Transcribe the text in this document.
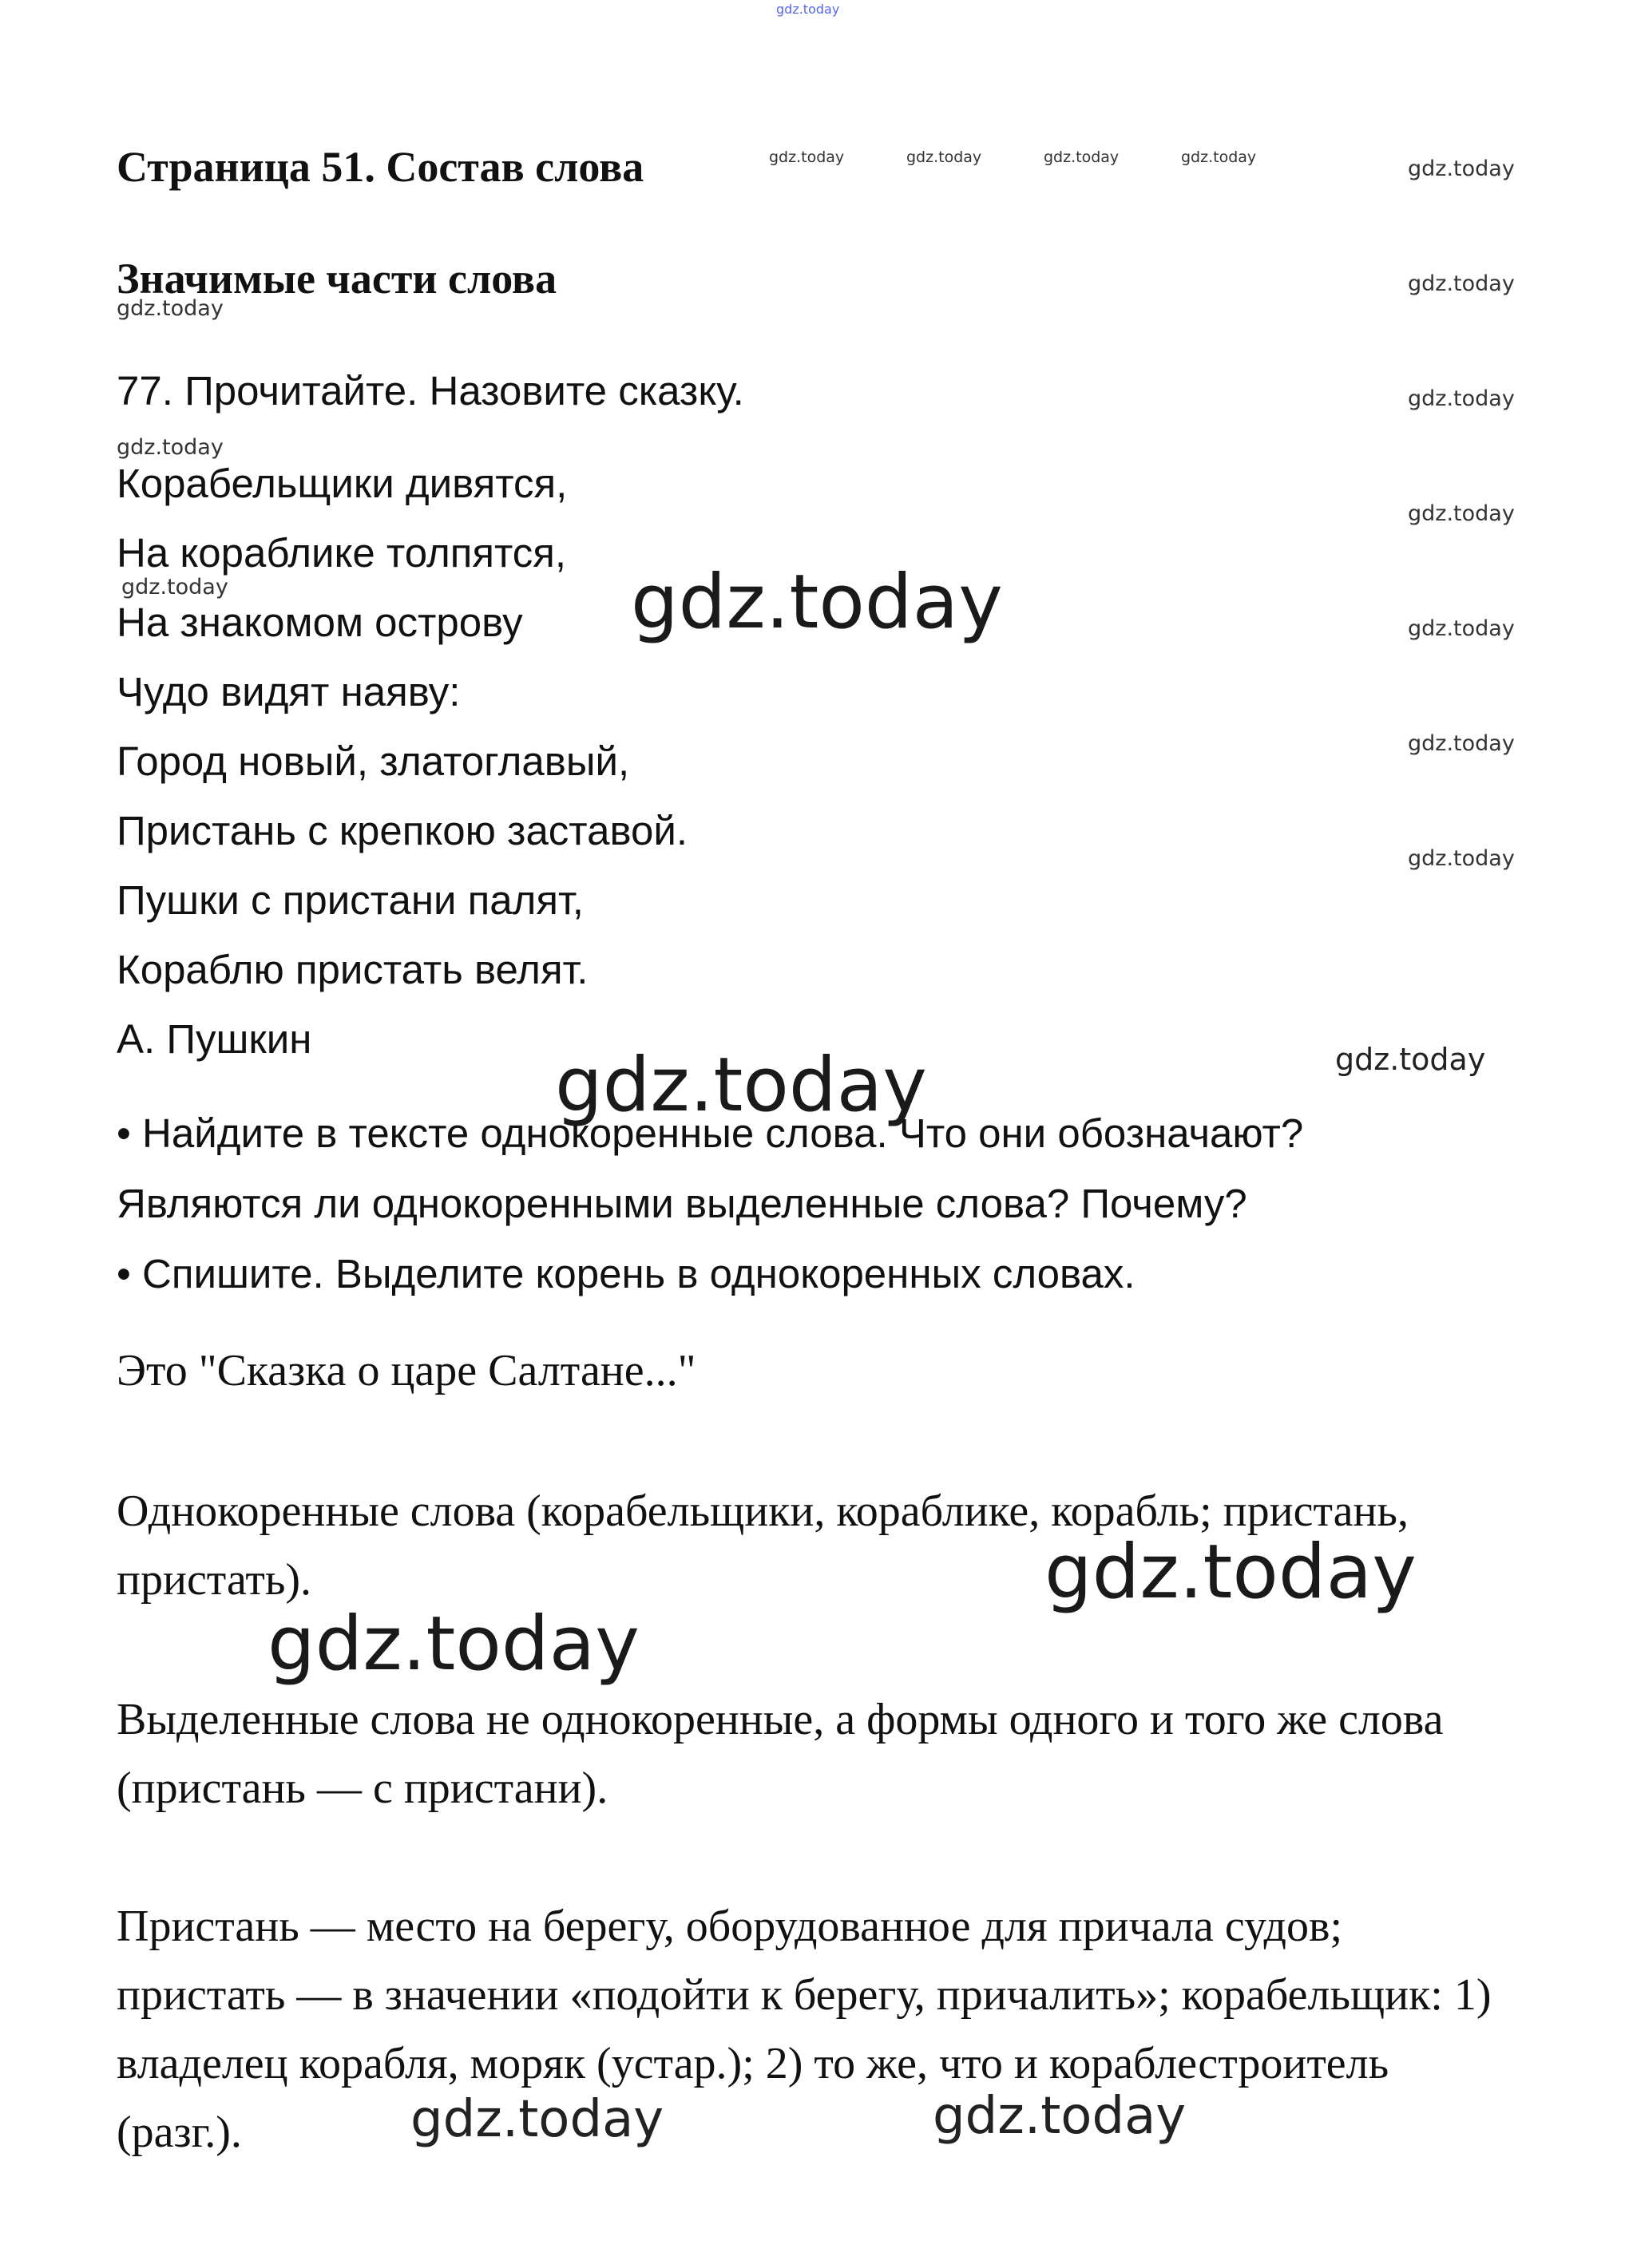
gdz.today
gdz.today	gdz.today	gdz.today	gdz.today	gdz.today
gdz.today
gdz.today
gdz.today
gdz.today
gdz.today
gdz.today
gdz.today
gdz.today
gdz.today
gdz.today
gdz.today
gdz.today
gdz.today
gdz.today
gdz.today	gdz.today
Страница 51. Состав слова
Значимые части слова
77. Прочитайте. Назовите сказку.
Корабельщики дивятся,
На кораблике толпятся,
На знакомом острову
Чудо видят наяву:
Город новый, златоглавый,
Пристань с крепкою заставой.
Пушки с пристани палят,
Кораблю пристать велят.
А. Пушкин
• Найдите в тексте однокоренные слова. Что они обозначают?
Являются ли однокоренными выделенные слова? Почему?
• Спишите. Выделите корень в однокоренных словах.
Это "Сказка о царе Салтане..."
Однокоренные слова (корабельщики, кораблике, корабль; пристань, пристать).
Выделенные слова не однокоренные, а формы одного и того же слова (пристань — с пристани).
Пристань — место на берегу, оборудованное для причала судов; пристать — в значении «подойти к берегу, причалить»; корабельщик: 1) владелец корабля, моряк (устар.); 2) то же, что и кораблестроитель (разг.).
